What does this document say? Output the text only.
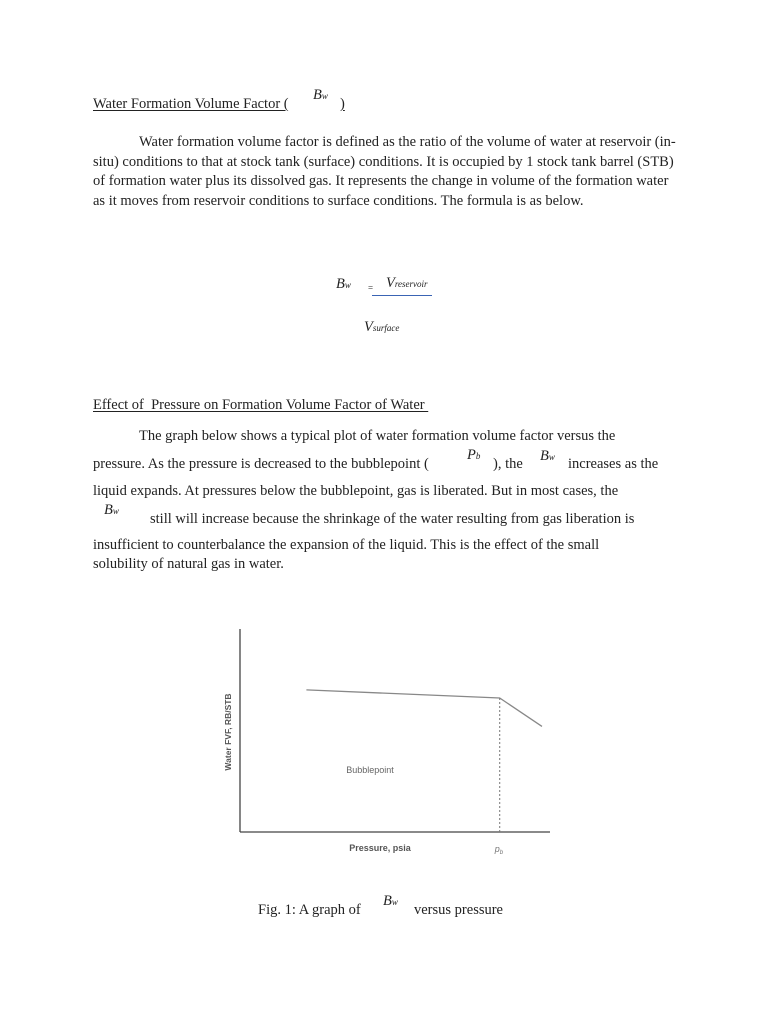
Water Formation Volume Factor (
Bw )
Water formation volume factor is defined as the ratio of the volume of water at reservoir (in-situ) conditions to that at stock tank (surface) conditions. It is occupied by 1 stock tank barrel (STB) of formation water plus its dissolved gas. It represents the change in volume of the formation water as it moves from reservoir conditions to surface conditions. The formula is as below.
Bw = Vreservoir
Vsurface
Effect of  Pressure on Formation Volume Factor of Water
The graph below shows a typical plot of water formation volume factor versus the
pressure. As the pressure is decreased to the bubblepoint (
Pb ), the Bw increases as the
liquid expands. At pressures below the bubblepoint, gas is liberated. But in most cases, the
Bw still will increase because the shrinkage of the water resulting from gas liberation is
insufficient to counterbalance the expansion of the liquid. This is the effect of the small
solubility of natural gas in water.
Water FVF, RB/STB
Pressure, psia	$p_b$
Bubblepoint
Fig. 1: A graph of
Bw versus pressure
